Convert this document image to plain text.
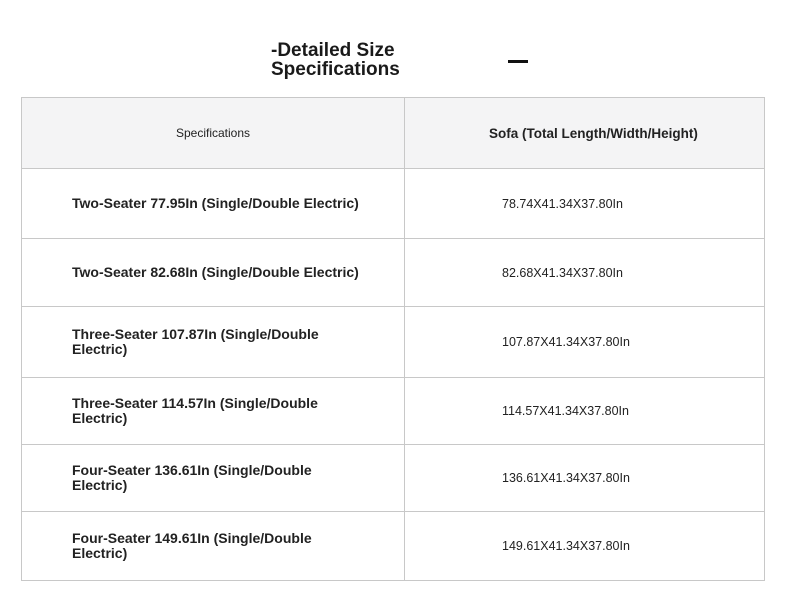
-Detailed Size Specifications
Specifications	Sofa (Total Length/Width/Height)
Two-Seater 77.95In (Single/Double Electric)	78.74X41.34X37.80In
Two-Seater 82.68In (Single/Double Electric)	82.68X41.34X37.80In
Three-Seater 107.87In (Single/Double Electric)	107.87X41.34X37.80In
Three-Seater 114.57In (Single/Double Electric)	114.57X41.34X37.80In
Four-Seater 136.61In (Single/Double Electric)	136.61X41.34X37.80In
Four-Seater 149.61In (Single/Double Electric)	149.61X41.34X37.80In
